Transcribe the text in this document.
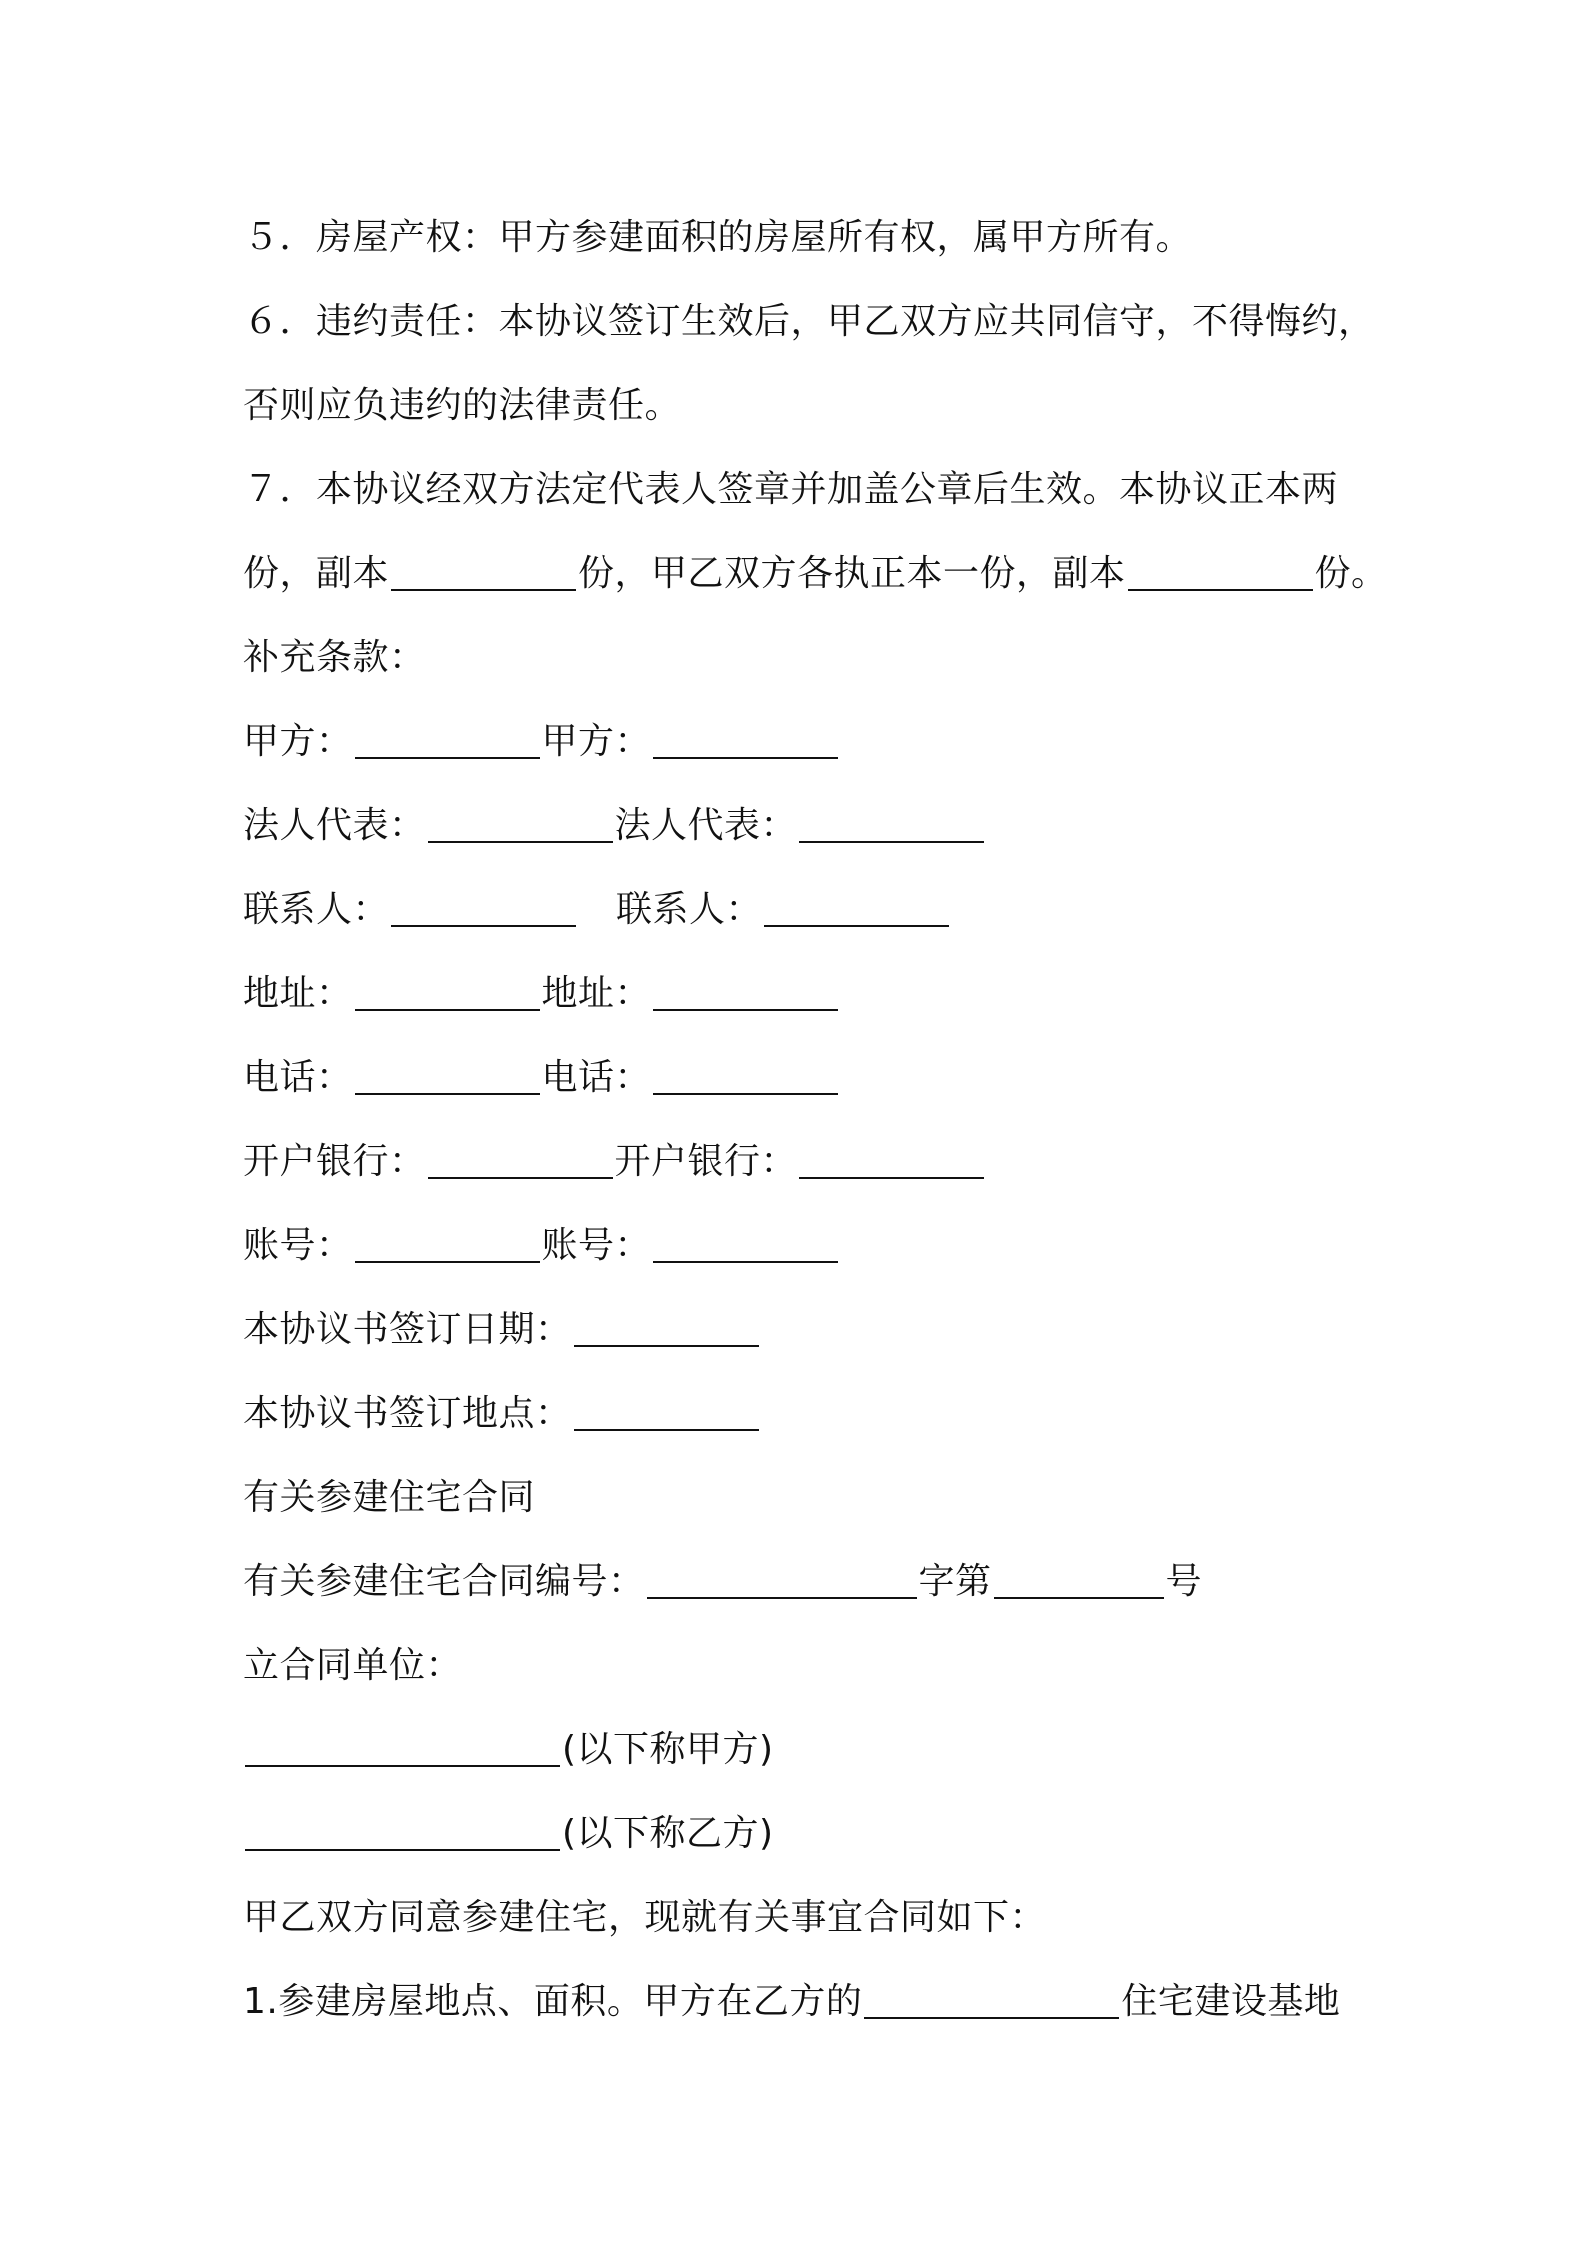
５．房屋产权：甲方参建面积的房屋所有权，属甲方所有。
６．违约责任：本协议签订生效后，甲乙双方应共同信守，不得悔约，
否则应负违约的法律责任。
７．本协议经双方法定代表人签章并加盖公章后生效。本协议正本两
份，副本	份，甲乙双方各执正本一份，副本	份。
补充条款：
甲方：	甲方：
法人代表：	法人代表：
联系人：	联系人：
地址：	地址：
电话：	电话：
开户银行：	开户银行：
账号：	账号：
本协议书签订日期：
本协议书签订地点：
有关参建住宅合同
有关参建住宅合同编号：	字第	号
立合同单位：
(以下称甲方)
(以下称乙方)
甲乙双方同意参建住宅，现就有关事宜合同如下：
1.参建房屋地点、面积。甲方在乙方的	住宅建设基地
